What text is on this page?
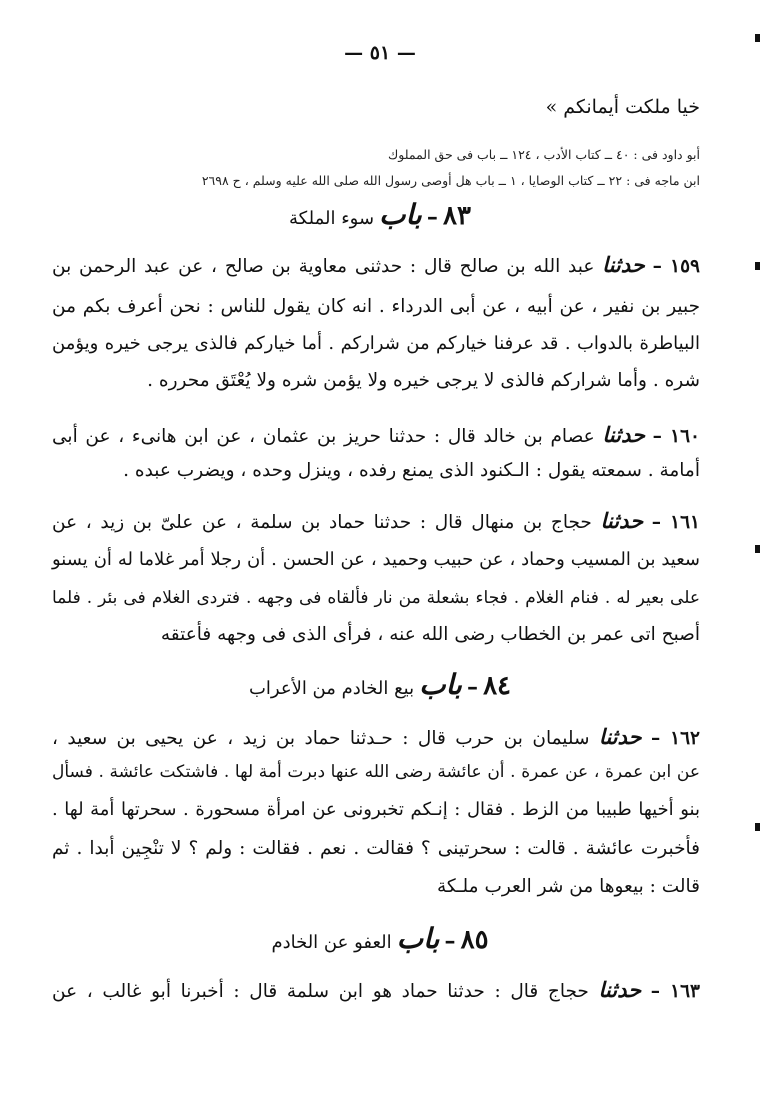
— ٥١ —
خيا ملكت أيمانكم »
أبو داود فى : ٤٠ ــ كتاب الأدب ، ١٢٤ ــ باب فى حق المملوك
ابن ماجه فى : ٢٢ ــ كتاب الوصايا ، ١ ــ باب هل أوصى رسول الله صلى الله عليه وسلم ، ح ٢٦٩٨
٨٣ – باب سوء الملكة
١٥٩ – حدثنا عبد الله بن صالح قال : حدثنى معاوية بن صالح ، عن عبد الرحمن بن
جبير بن نفير ، عن أبيه ، عن أبى الدرداء . انه كان يقول للناس : نحن أعرف بكم من
البياطرة بالدواب . قد عرفنا خياركم من شراركم . أما خياركم فالذى يرجى خيره ويؤمن
شره . وأما شراركم فالذى لا يرجى خيره ولا يؤمن شره ولا يُعْتَق محرره .
١٦٠ – حدثنا عصام بن خالد قال : حدثنا حريز بن عثمان ، عن ابن هانىء ، عن أبى
أمامة . سمعته يقول : الـكنود الذى يمنع رفده ، وينزل وحده ، ويضرب عبده .
١٦١ – حدثنا حجاج بن منهال قال : حدثنا حماد بن سلمة ، عن علىّ بن زيد ، عن
سعيد بن المسيب وحماد ، عن حبيب وحميد ، عن الحسن . أن رجلا أمر غلاما له أن يسنو
على بعير له . فنام الغلام . فجاء بشعلة من نار فألقاه فى وجهه . فتردى الغلام فى بئر . فلما
أصبح اتى عمر بن الخطاب رضى الله عنه ، فرأى الذى فى وجهه فأعتقه
٨٤ – باب بيع الخادم من الأعراب
١٦٢ – حدثنا سليمان بن حرب قال : حـدثنا حماد بن زيد ، عن يحيى بن سعيد ،
عن ابن عمرة ، عن عمرة . أن عائشة رضى الله عنها دبرت أمة لها . فاشتكت عائشة . فسأل
بنو أخيها طبيبا من الزط . فقال : إنـكم تخبرونى عن امرأة مسحورة . سحرتها أمة لها .
فأخبرت عائشة . قالت : سحرتينى ؟ فقالت . نعم . فقالت : ولم ؟ لا تنْجِين أبدا . ثم
قالت : بيعوها من شر العرب ملـكة
٨٥ – باب العفو عن الخادم
١٦٣ – حدثنا حجاج قال : حدثنا حماد هو ابن سلمة قال : أخبرنا أبو غالب ، عن
